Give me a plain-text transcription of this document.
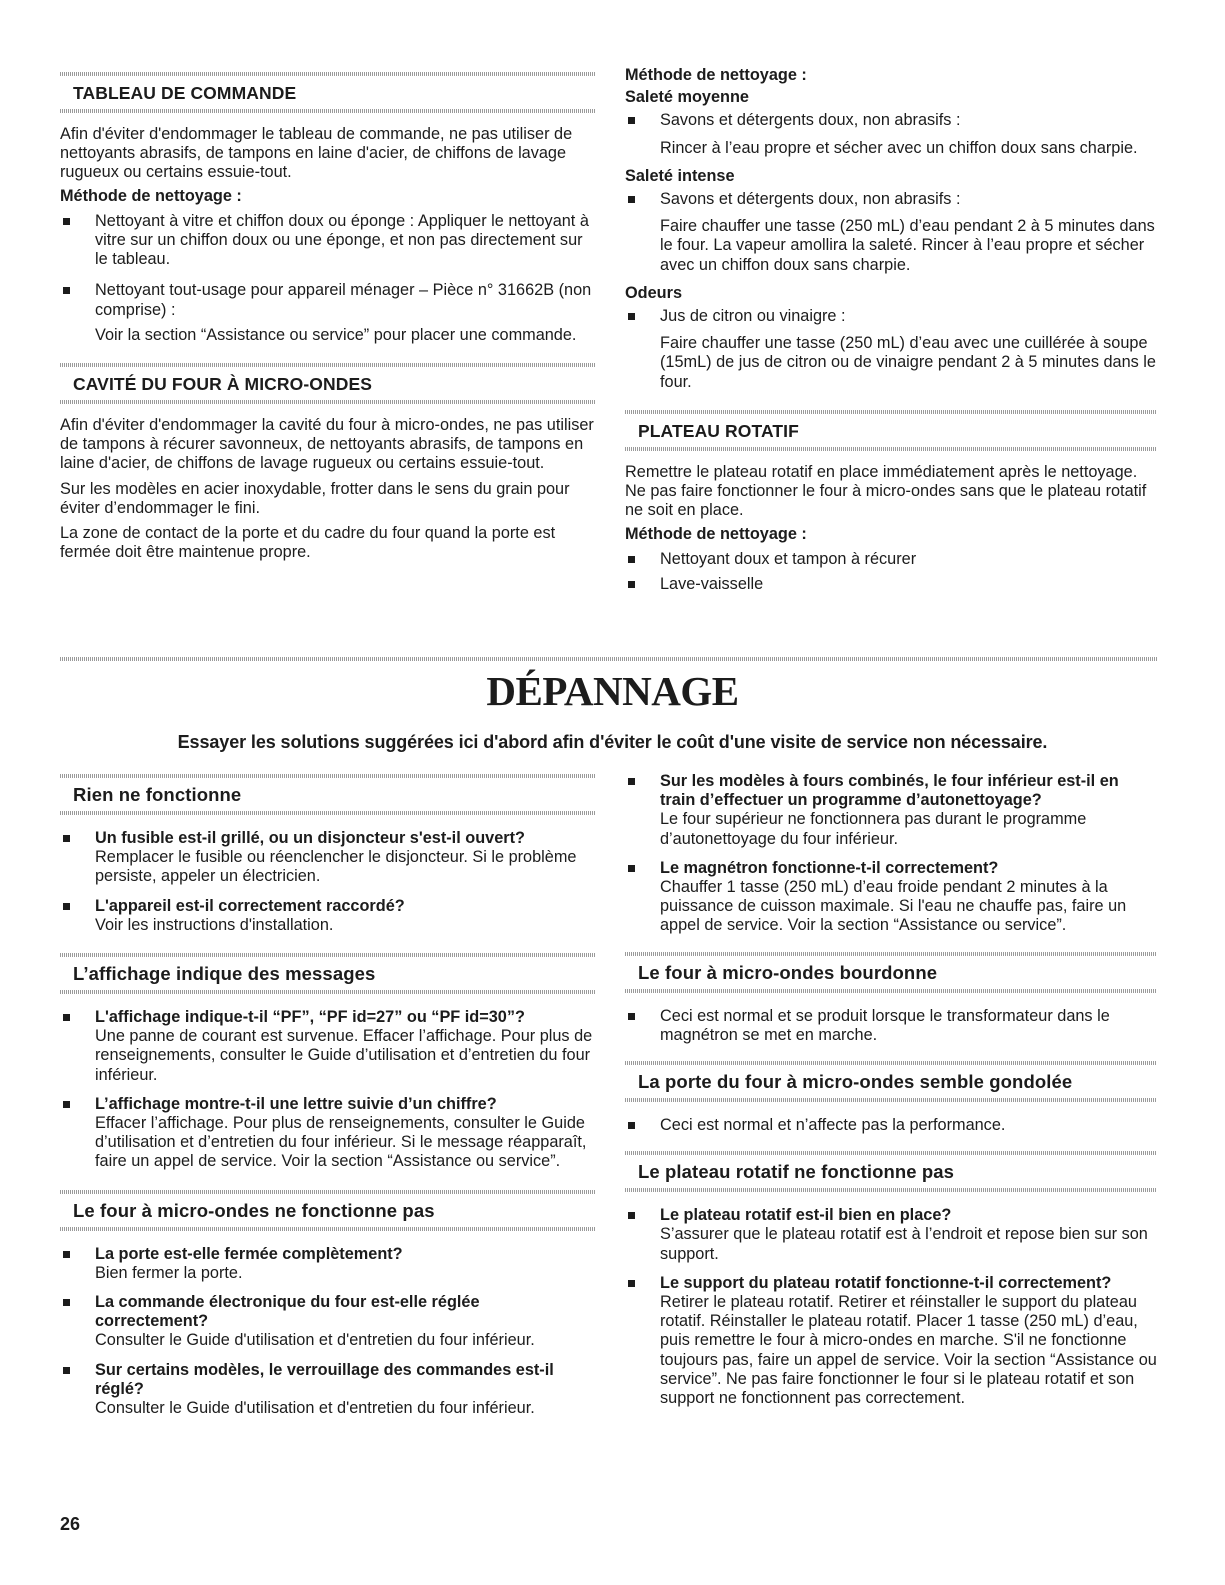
TABLEAU DE COMMANDE
Afin d'éviter d'endommager le tableau de commande, ne pas utiliser de nettoyants abrasifs, de tampons en laine d'acier, de chiffons de lavage rugueux ou certains essuie-tout.
Méthode de nettoyage :
Nettoyant à vitre et chiffon doux ou éponge : Appliquer le nettoyant à vitre sur un chiffon doux ou une éponge, et non pas directement sur le tableau.
Nettoyant tout-usage pour appareil ménager – Pièce n° 31662B (non comprise) :
Voir la section “Assistance ou service” pour placer une commande.
CAVITÉ DU FOUR À MICRO-ONDES
Afin d'éviter d'endommager la cavité du four à micro-ondes, ne pas utiliser de tampons à récurer savonneux, de nettoyants abrasifs, de tampons en laine d'acier, de chiffons de lavage rugueux ou certains essuie-tout.
Sur les modèles en acier inoxydable, frotter dans le sens du grain pour éviter d’endommager le fini.
La zone de contact de la porte et du cadre du four quand la porte est fermée doit être maintenue propre.
Méthode de nettoyage :
Saleté moyenne
Savons et détergents doux, non abrasifs :
Rincer à l’eau propre et sécher avec un chiffon doux sans charpie.
Saleté intense
Savons et détergents doux, non abrasifs :
Faire chauffer une tasse (250 mL) d’eau pendant 2 à 5 minutes dans le four. La vapeur amollira la saleté. Rincer à l’eau propre et sécher avec un chiffon doux sans charpie.
Odeurs
Jus de citron ou vinaigre :
Faire chauffer une tasse (250 mL) d’eau avec une cuillérée à soupe (15mL) de jus de citron ou de vinaigre pendant 2 à 5 minutes dans le four.
PLATEAU ROTATIF
Remettre le plateau rotatif en place immédiatement après le nettoyage. Ne pas faire fonctionner le four à micro-ondes sans que le plateau rotatif ne soit en place.
Méthode de nettoyage :
Nettoyant doux et tampon à récurer
Lave-vaisselle
DÉPANNAGE
Essayer les solutions suggérées ici d'abord afin d'éviter le coût d'une visite de service non nécessaire.
Rien ne fonctionne
Un fusible est-il grillé, ou un disjoncteur s'est-il ouvert?
Remplacer le fusible ou réenclencher le disjoncteur. Si le problème persiste, appeler un électricien.
L'appareil est-il correctement raccordé?
Voir les instructions d'installation.
L’affichage indique des messages
L'affichage indique-t-il “PF”, “PF id=27” ou “PF id=30”?
Une panne de courant est survenue. Effacer l’affichage. Pour plus de renseignements, consulter le Guide d’utilisation et d’entretien du four inférieur.
L’affichage montre-t-il une lettre suivie d’un chiffre?
Effacer l’affichage. Pour plus de renseignements, consulter le Guide d’utilisation et d’entretien du four inférieur. Si le message réapparaît, faire un appel de service. Voir la section “Assistance ou service”.
Le four à micro-ondes ne fonctionne pas
La porte est-elle fermée complètement?
Bien fermer la porte.
La commande électronique du four est-elle réglée correctement?
Consulter le Guide d'utilisation et d'entretien du four inférieur.
Sur certains modèles, le verrouillage des commandes est-il réglé?
Consulter le Guide d'utilisation et d'entretien du four inférieur.
Sur les modèles à fours combinés, le four inférieur est-il en train d’effectuer un programme d’autonettoyage?
Le four supérieur ne fonctionnera pas durant le programme d’autonettoyage du four inférieur.
Le magnétron fonctionne-t-il correctement?
Chauffer 1 tasse (250 mL) d’eau froide pendant 2 minutes à la puissance de cuisson maximale. Si l'eau ne chauffe pas, faire un appel de service. Voir la section “Assistance ou service”.
Le four à micro-ondes bourdonne
Ceci est normal et se produit lorsque le transformateur dans le magnétron se met en marche.
La porte du four à micro-ondes semble gondolée
Ceci est normal et n’affecte pas la performance.
Le plateau rotatif ne fonctionne pas
Le plateau rotatif est-il bien en place?
S’assurer que le plateau rotatif est à l’endroit et repose bien sur son support.
Le support du plateau rotatif fonctionne-t-il correctement?
Retirer le plateau rotatif. Retirer et réinstaller le support du plateau rotatif. Réinstaller le plateau rotatif. Placer 1 tasse (250 mL) d’eau, puis remettre le four à micro-ondes en marche. S'il ne fonctionne toujours pas, faire un appel de service. Voir la section “Assistance ou service”. Ne pas faire fonctionner le four si le plateau rotatif et son support ne fonctionnent pas correctement.
26
